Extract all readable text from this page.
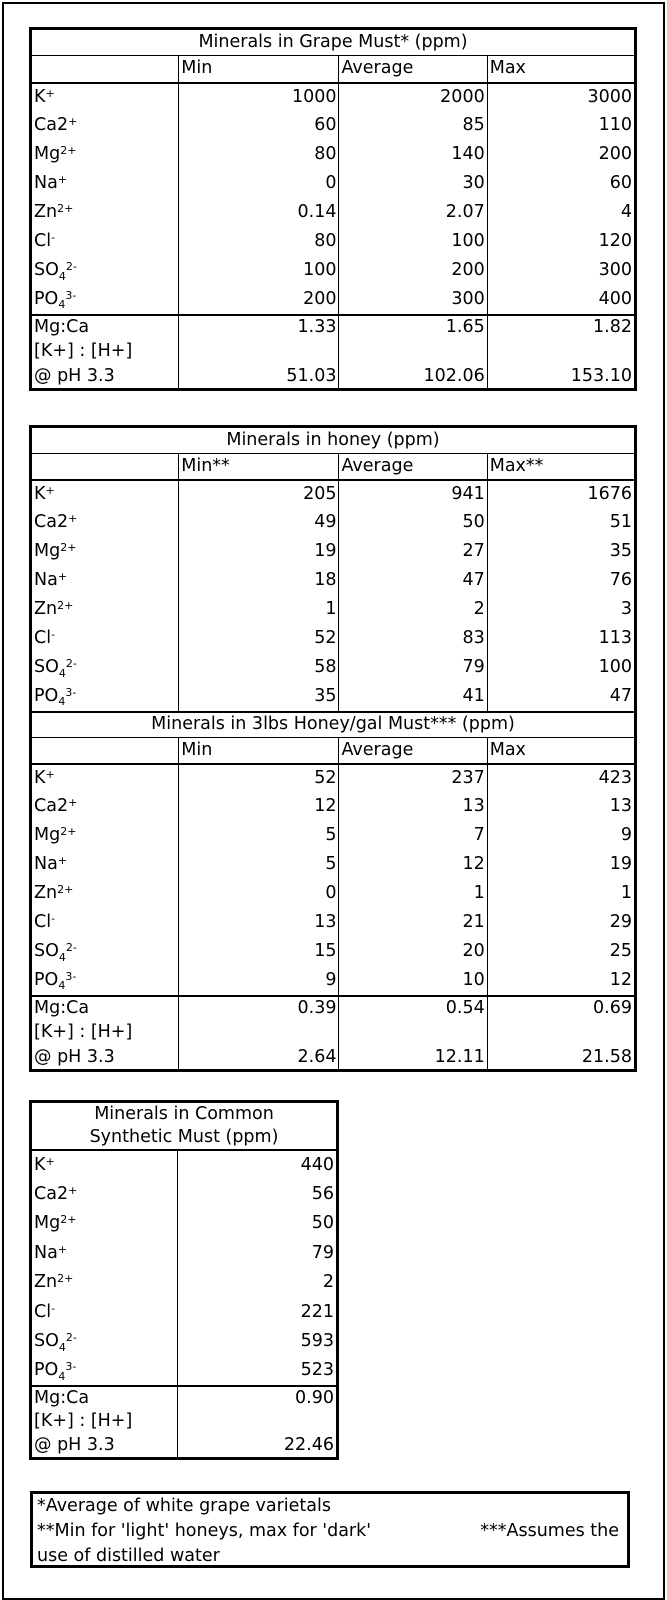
Minerals in Grape Must* (ppm)			
	Min	Average	Max
K+	1000	2000	3000
Ca2+	60	85	110
$Mg^{2+}$	80	140	200
Na+	0	30	60
$Zn^{2+}$	0.14	2.07	4
Cl-	80	100	120
$SO_4^{2-}$	100	200	300
$PO_4^{3-}$	200	300	400
Mg:Ca	1.33	1.65	1.82
[K+] : [H+]			
@ pH 3.3	51.03	102.06	153.10
Minerals in honey (ppm)			
	Min**	Average	Max**
K+	205	941	1676
Ca2+	49	50	51
$Mg^{2+}$	19	27	35
Na+	18	47	76
$Zn^{2+}$	1	2	3
Cl-	52	83	113
$SO_4^{2-}$	58	79	100
$PO_4^{3-}$	35	41	47
Minerals in 3lbs Honey/gal Must*** (ppm)			
	Min	Average	Max
K+	52	237	423
Ca2+	12	13	13
$Mg^{2+}$	5	7	9
Na+	5	12	19
$Zn^{2+}$	0	1	1
Cl-	13	21	29
$SO_4^{2-}$	15	20	25
$PO_4^{3-}$	9	10	12
Mg:Ca	0.39	0.54	0.69
[K+] : [H+]			
@ pH 3.3	2.64	12.11	21.58
Minerals in Common
Synthetic Must (ppm)	
K+	440
Ca2+	56
$Mg^{2+}$	50
Na+	79
$Zn^{2+}$	2
Cl-	221
$SO_4^{2-}$	593
$PO_4^{3-}$	523
Mg:Ca	0.90
[K+] : [H+]	
@ pH 3.3	22.46
*Average of white grape varietals
**Min for 'light' honeys, max for 'dark'	***Assumes the
use of distilled water
